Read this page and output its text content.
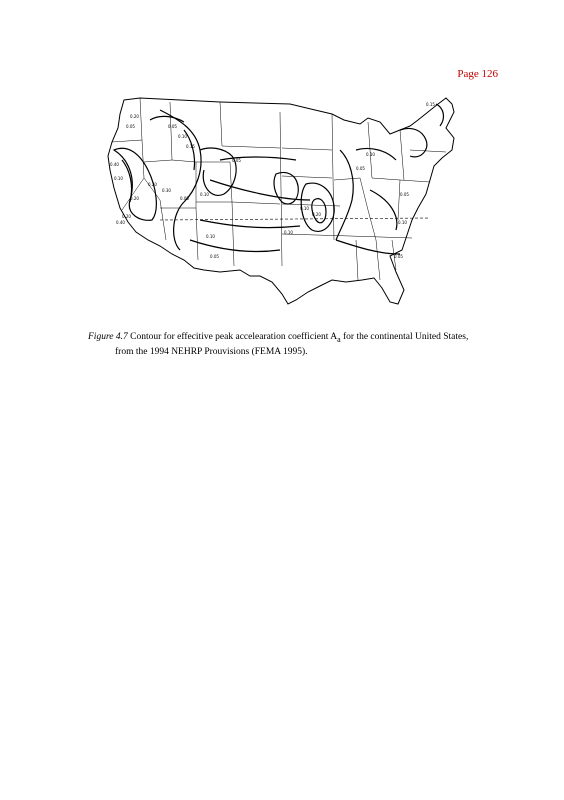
Page 126
0.20
0.05
0.40
0.10
0.20
0.05
0.10
0.15
0.20
0.30
0.05
0.10
0.20
0.40
0.05
0.10
0.05
0.10
0.20
0.10
0.05
0.10
0.15
0.05
0.10
0.05
Figure 4.7 Contour for effecitive peak accelearation coefficient $A_a$ for the continental United States,
from the 1994 NEHRP Prouvisions (FEMA 1995).
